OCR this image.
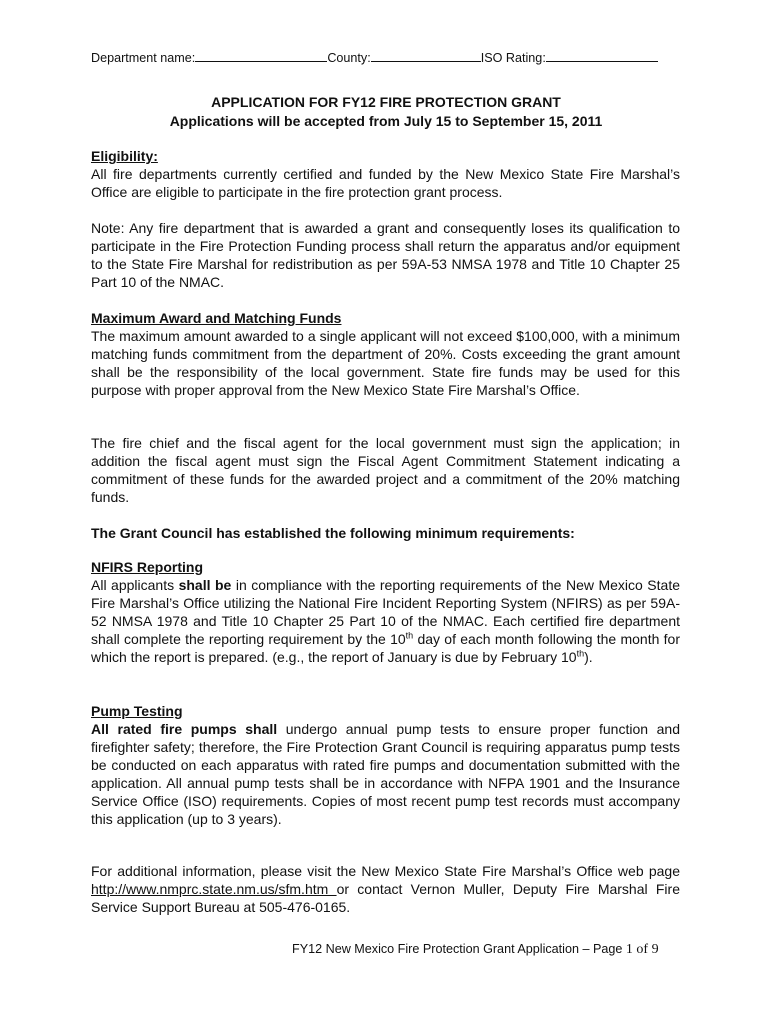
Department name:	County:	ISO Rating:
APPLICATION FOR FY12 FIRE PROTECTION GRANT
Applications will be accepted from July 15 to September 15, 2011
Eligibility:

All fire departments currently certified and funded by the New Mexico State Fire Marshal’s Office are eligible to participate in the fire protection grant process.

Note: Any fire department that is awarded a grant and consequently loses its qualification to participate in the Fire Protection Funding process shall return the apparatus and/or equipment to the State Fire Marshal for redistribution as per 59A-53 NMSA 1978 and Title 10 Chapter 25 Part 10 of the NMAC.

Maximum Award and Matching Funds

The maximum amount awarded to a single applicant will not exceed $100,000, with a minimum matching funds commitment from the department of 20%. Costs exceeding the grant amount shall be the responsibility of the local government. State fire funds may be used for this purpose with proper approval from the New Mexico State Fire Marshal’s Office.

The fire chief and the fiscal agent for the local government must sign the application; in addition the fiscal agent must sign the Fiscal Agent Commitment Statement indicating a commitment of these funds for the awarded project and a commitment of the 20% matching funds.

The Grant Council has established the following minimum requirements:
NFIRS Reporting

All applicants shall be in compliance with the reporting requirements of the New Mexico State Fire Marshal’s Office utilizing the National Fire Incident Reporting System (NFIRS) as per 59A-52 NMSA 1978 and Title 10 Chapter 25 Part 10 of the NMAC. Each certified fire department shall complete the reporting requirement by the 10th day of each month following the month for which the report is prepared. (e.g., the report of January is due by February 10th).

Pump Testing

All rated fire pumps shall undergo annual pump tests to ensure proper function and firefighter safety; therefore, the Fire Protection Grant Council is requiring apparatus pump tests be conducted on each apparatus with rated fire pumps and documentation submitted with the application. All annual pump tests shall be in accordance with NFPA 1901 and the Insurance Service Office (ISO) requirements. Copies of most recent pump test records must accompany this application (up to 3 years).

For additional information, please visit the New Mexico State Fire Marshal’s Office web page http://www.nmprc.state.nm.us/sfm.htm or contact Vernon Muller, Deputy Fire Marshal Fire Service Support Bureau at 505-476-0165.

FY12 New Mexico Fire Protection Grant Application – Page 1 of 9
